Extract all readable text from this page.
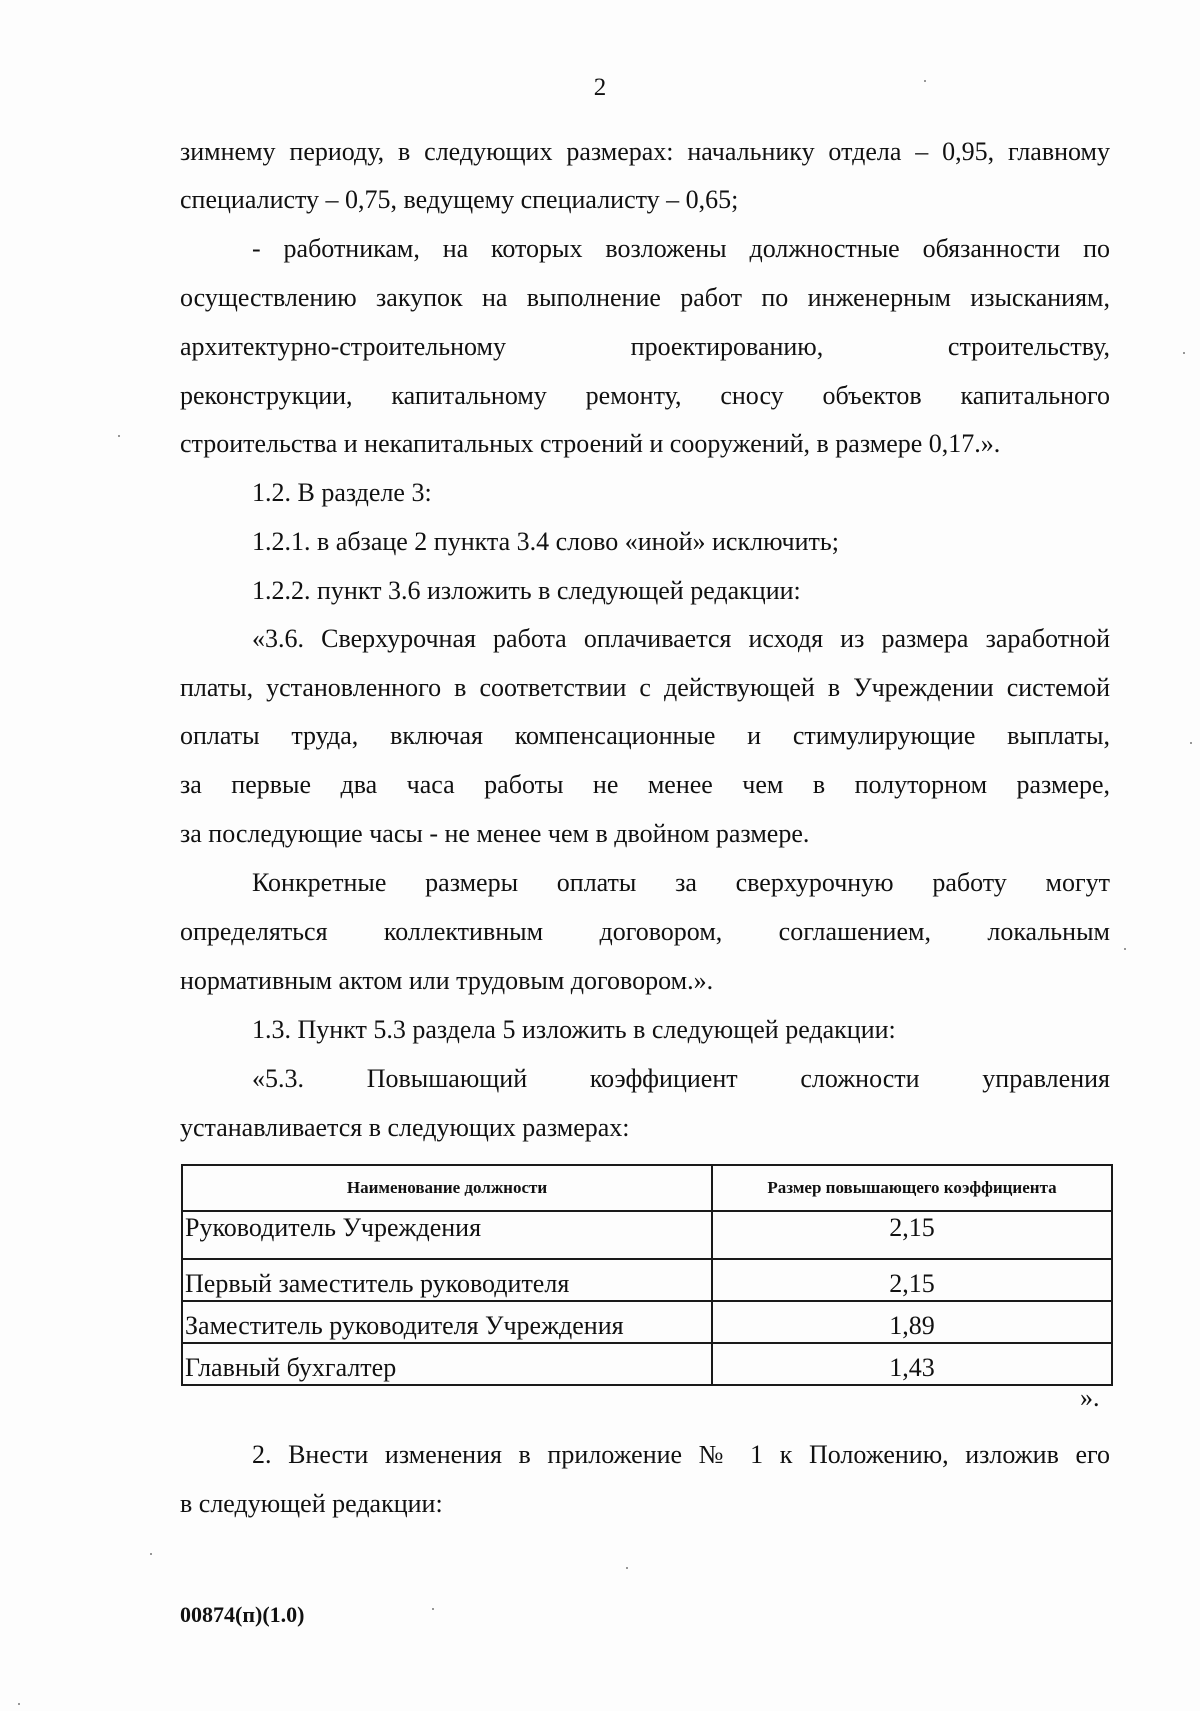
2
зимнему периоду, в следующих размерах: начальнику отдела – 0,95, главному
специалисту – 0,75, ведущему специалисту – 0,65;
- работникам, на которых возложены должностные обязанности по
осуществлению закупок на выполнение работ по инженерным изысканиям,
архитектурно-строительному проектированию, строительству,
реконструкции, капитальному ремонту, сносу объектов капитального
строительства и некапитальных строений и сооружений, в размере 0,17.».
1.2. В разделе 3:
1.2.1. в абзаце 2 пункта 3.4 слово «иной» исключить;
1.2.2. пункт 3.6 изложить в следующей редакции:
«3.6. Сверхурочная работа оплачивается исходя из размера заработной
платы, установленного в соответствии с действующей в Учреждении системой
оплаты труда, включая компенсационные и стимулирующие выплаты,
за первые два часа работы не менее чем в полуторном размере,
за последующие часы - не менее чем в двойном размере.
Конкретные размеры оплаты за сверхурочную работу могут
определяться коллективным договором, соглашением, локальным
нормативным актом или трудовым договором.».
1.3. Пункт 5.3 раздела 5 изложить в следующей редакции:
«5.3. Повышающий коэффициент сложности управления
устанавливается в следующих размерах:
Наименование должности	Размер повышающего коэффициента
Руководитель Учреждения	2,15
Первый заместитель руководителя	2,15
Заместитель руководителя Учреждения	1,89
Главный бухгалтер	1,43
».
2. Внести изменения в приложение № 1 к Положению, изложив его
в следующей редакции:
00874(п)(1.0)
